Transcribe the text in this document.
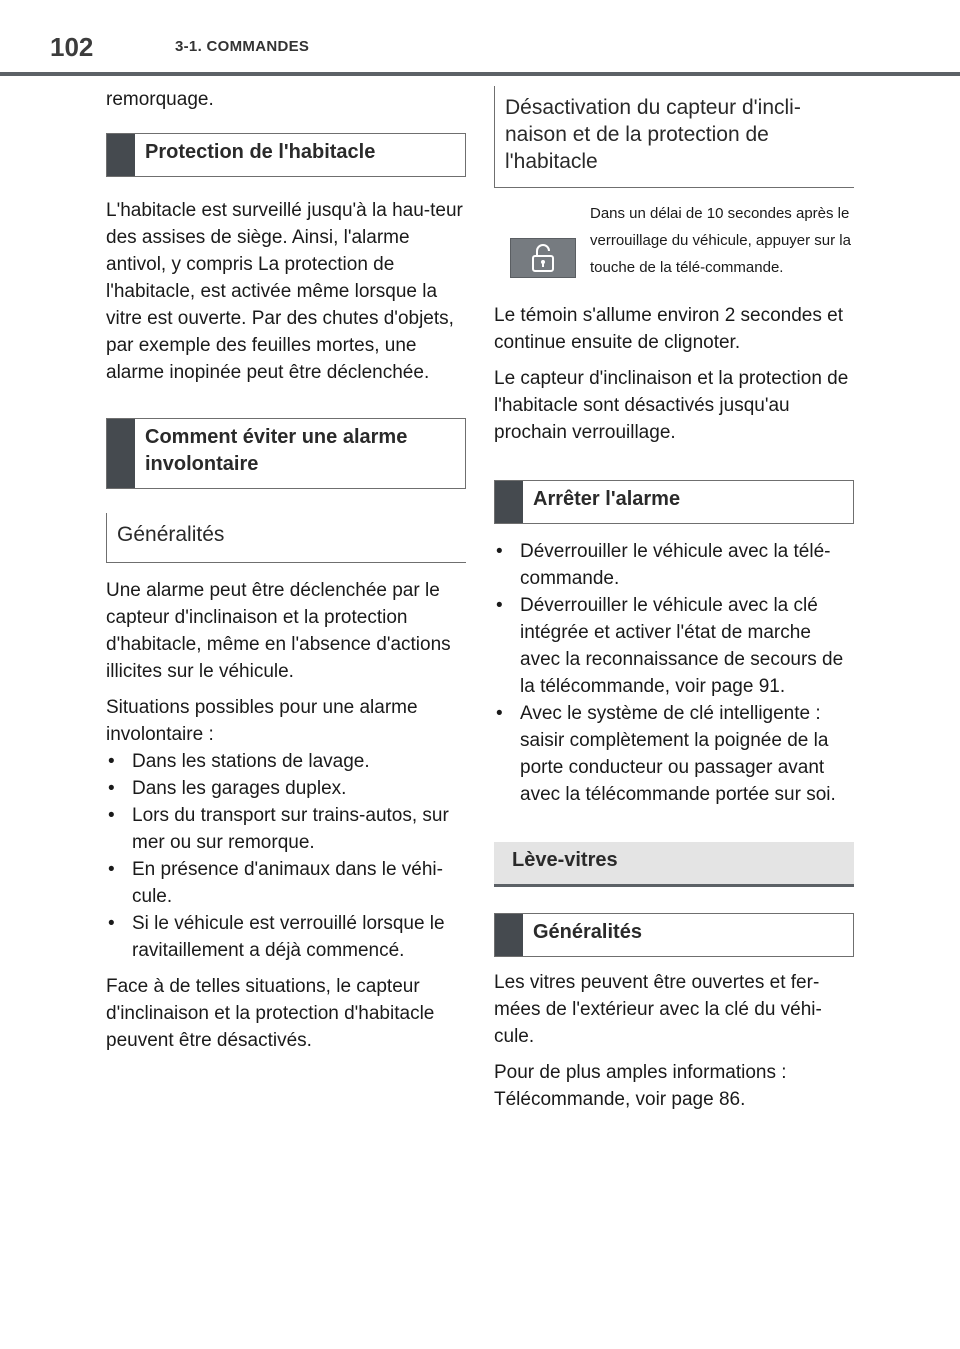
102	3-1. COMMANDES

remorquage.

Protection de l'habitacle

L'habitacle est surveillé jusqu'à la hau-teur des assises de siège. Ainsi, l'alarme antivol, y compris La protection de l'habitacle, est activée même lorsque la vitre est ouverte. Par des chutes d'objets, par exemple des feuilles mortes, une alarme inopinée peut être déclenchée.

Comment éviter une alarme involontaire
Généralités

Une alarme peut être déclenchée par le capteur d'inclinaison et la protection d'habitacle, même en l'absence d'actions illicites sur le véhicule.

Situations possibles pour une alarme involontaire :

• Dans les stations de lavage.
• Dans les garages duplex.
• Lors du transport sur trains-autos, sur mer ou sur remorque.
• En présence d'animaux dans le véhi-cule.
• Si le véhicule est verrouillé lorsque le ravitaillement a déjà commencé.

Face à de telles situations, le capteur d'inclinaison et la protection d'habitacle peuvent être désactivés.

Désactivation du capteur d'incli-naison et de la protection de l'habitacle
Dans un délai de 10 secondes après le verrouillage du véhicule, appuyer sur la touche de la télé-commande.

Le témoin s'allume environ 2 secondes et continue ensuite de clignoter.

Le capteur d'inclinaison et la protection de l'habitacle sont désactivés jusqu'au prochain verrouillage.

Arrêter l'alarme
• Déverrouiller le véhicule avec la télé-commande.
• Déverrouiller le véhicule avec la clé intégrée et activer l'état de marche avec la reconnaissance de secours de la télécommande, voir page 91.
• Avec le système de clé intelligente : saisir complètement la poignée de la porte conducteur ou passager avant avec la télécommande portée sur soi.
Lève-vitres
Généralités

Les vitres peuvent être ouvertes et fer-mées de l'extérieur avec la clé du véhi-cule.

Pour de plus amples informations : Télécommande, voir page 86.
